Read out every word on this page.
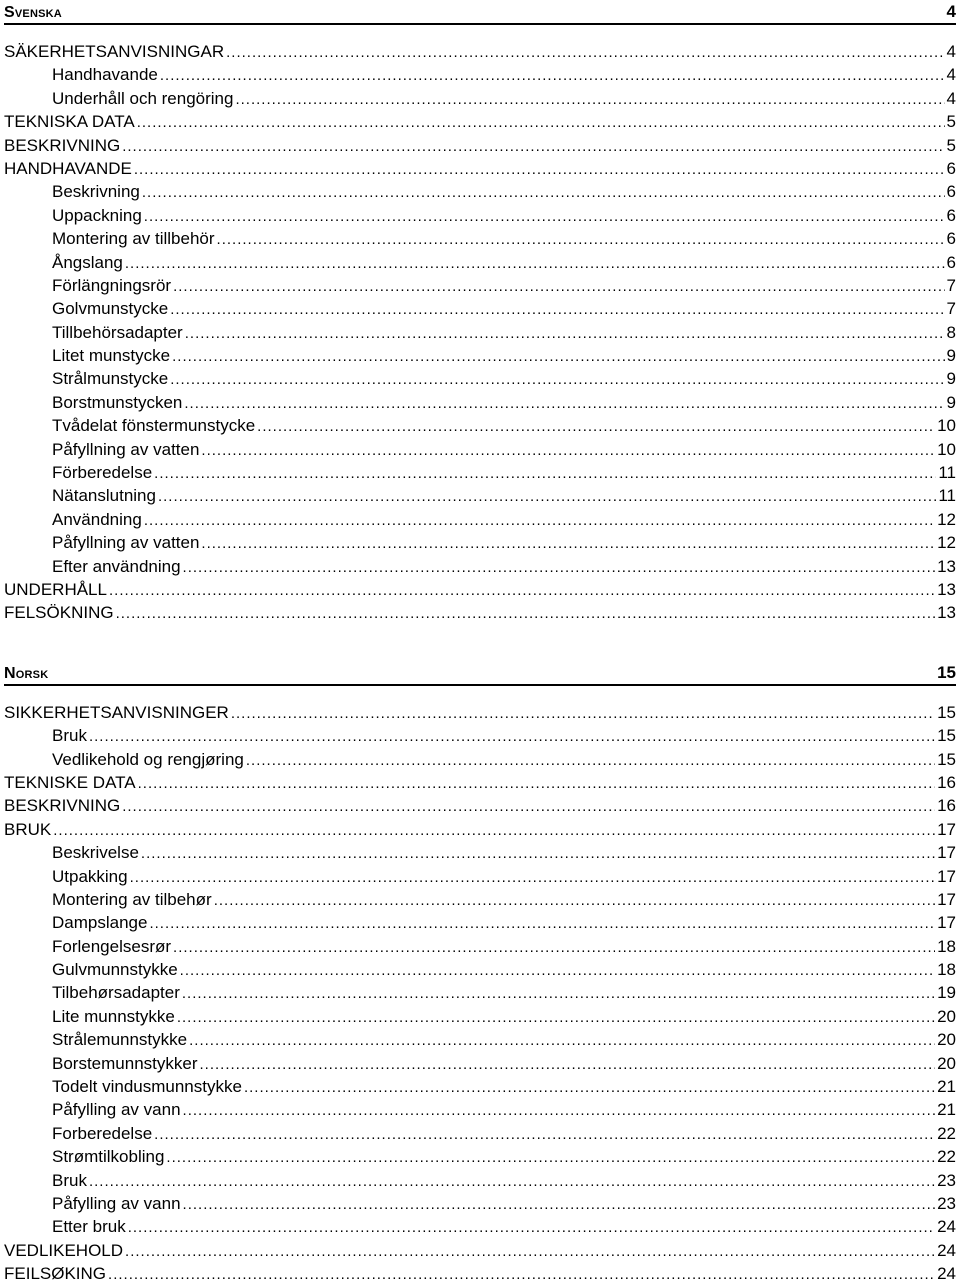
Svenska	4
SÄKERHETSANVISNINGAR .....	4
Handhavande .....	4
Underhåll och rengöring .....	4
TEKNISKA DATA .....	5
BESKRIVNING .....	5
HANDHAVANDE .....	6
Beskrivning .....	6
Uppackning .....	6
Montering av tillbehör .....	6
Ångslang .....	6
Förlängningsrör .....	7
Golvmunstycke .....	7
Tillbehörsadapter .....	8
Litet munstycke .....	9
Strålmunstycke .....	9
Borstmunstycken .....	9
Tvådelat fönstermunstycke .....	10
Påfyllning av vatten .....	10
Förberedelse .....	11
Nätanslutning .....	11
Användning .....	12
Påfyllning av vatten .....	12
Efter användning .....	13
UNDERHÅLL .....	13
FELSÖKNING .....	13
Norsk	15
SIKKERHETSANVISNINGER .....	15
Bruk .....	15
Vedlikehold og rengjøring .....	15
TEKNISKE DATA .....	16
BESKRIVNING .....	16
BRUK .....	17
Beskrivelse .....	17
Utpakking .....	17
Montering av tilbehør .....	17
Dampslange .....	17
Forlengelsesrør .....	18
Gulvmunnstykke .....	18
Tilbehørsadapter .....	19
Lite munnstykke .....	20
Strålemunnstykke .....	20
Borstemunnstykker .....	20
Todelt vindusmunnstykke .....	21
Påfylling av vann .....	21
Forberedelse .....	22
Strømtilkobling .....	22
Bruk .....	23
Påfylling av vann .....	23
Etter bruk .....	24
VEDLIKEHOLD .....	24
FEILSØKING .....	24
